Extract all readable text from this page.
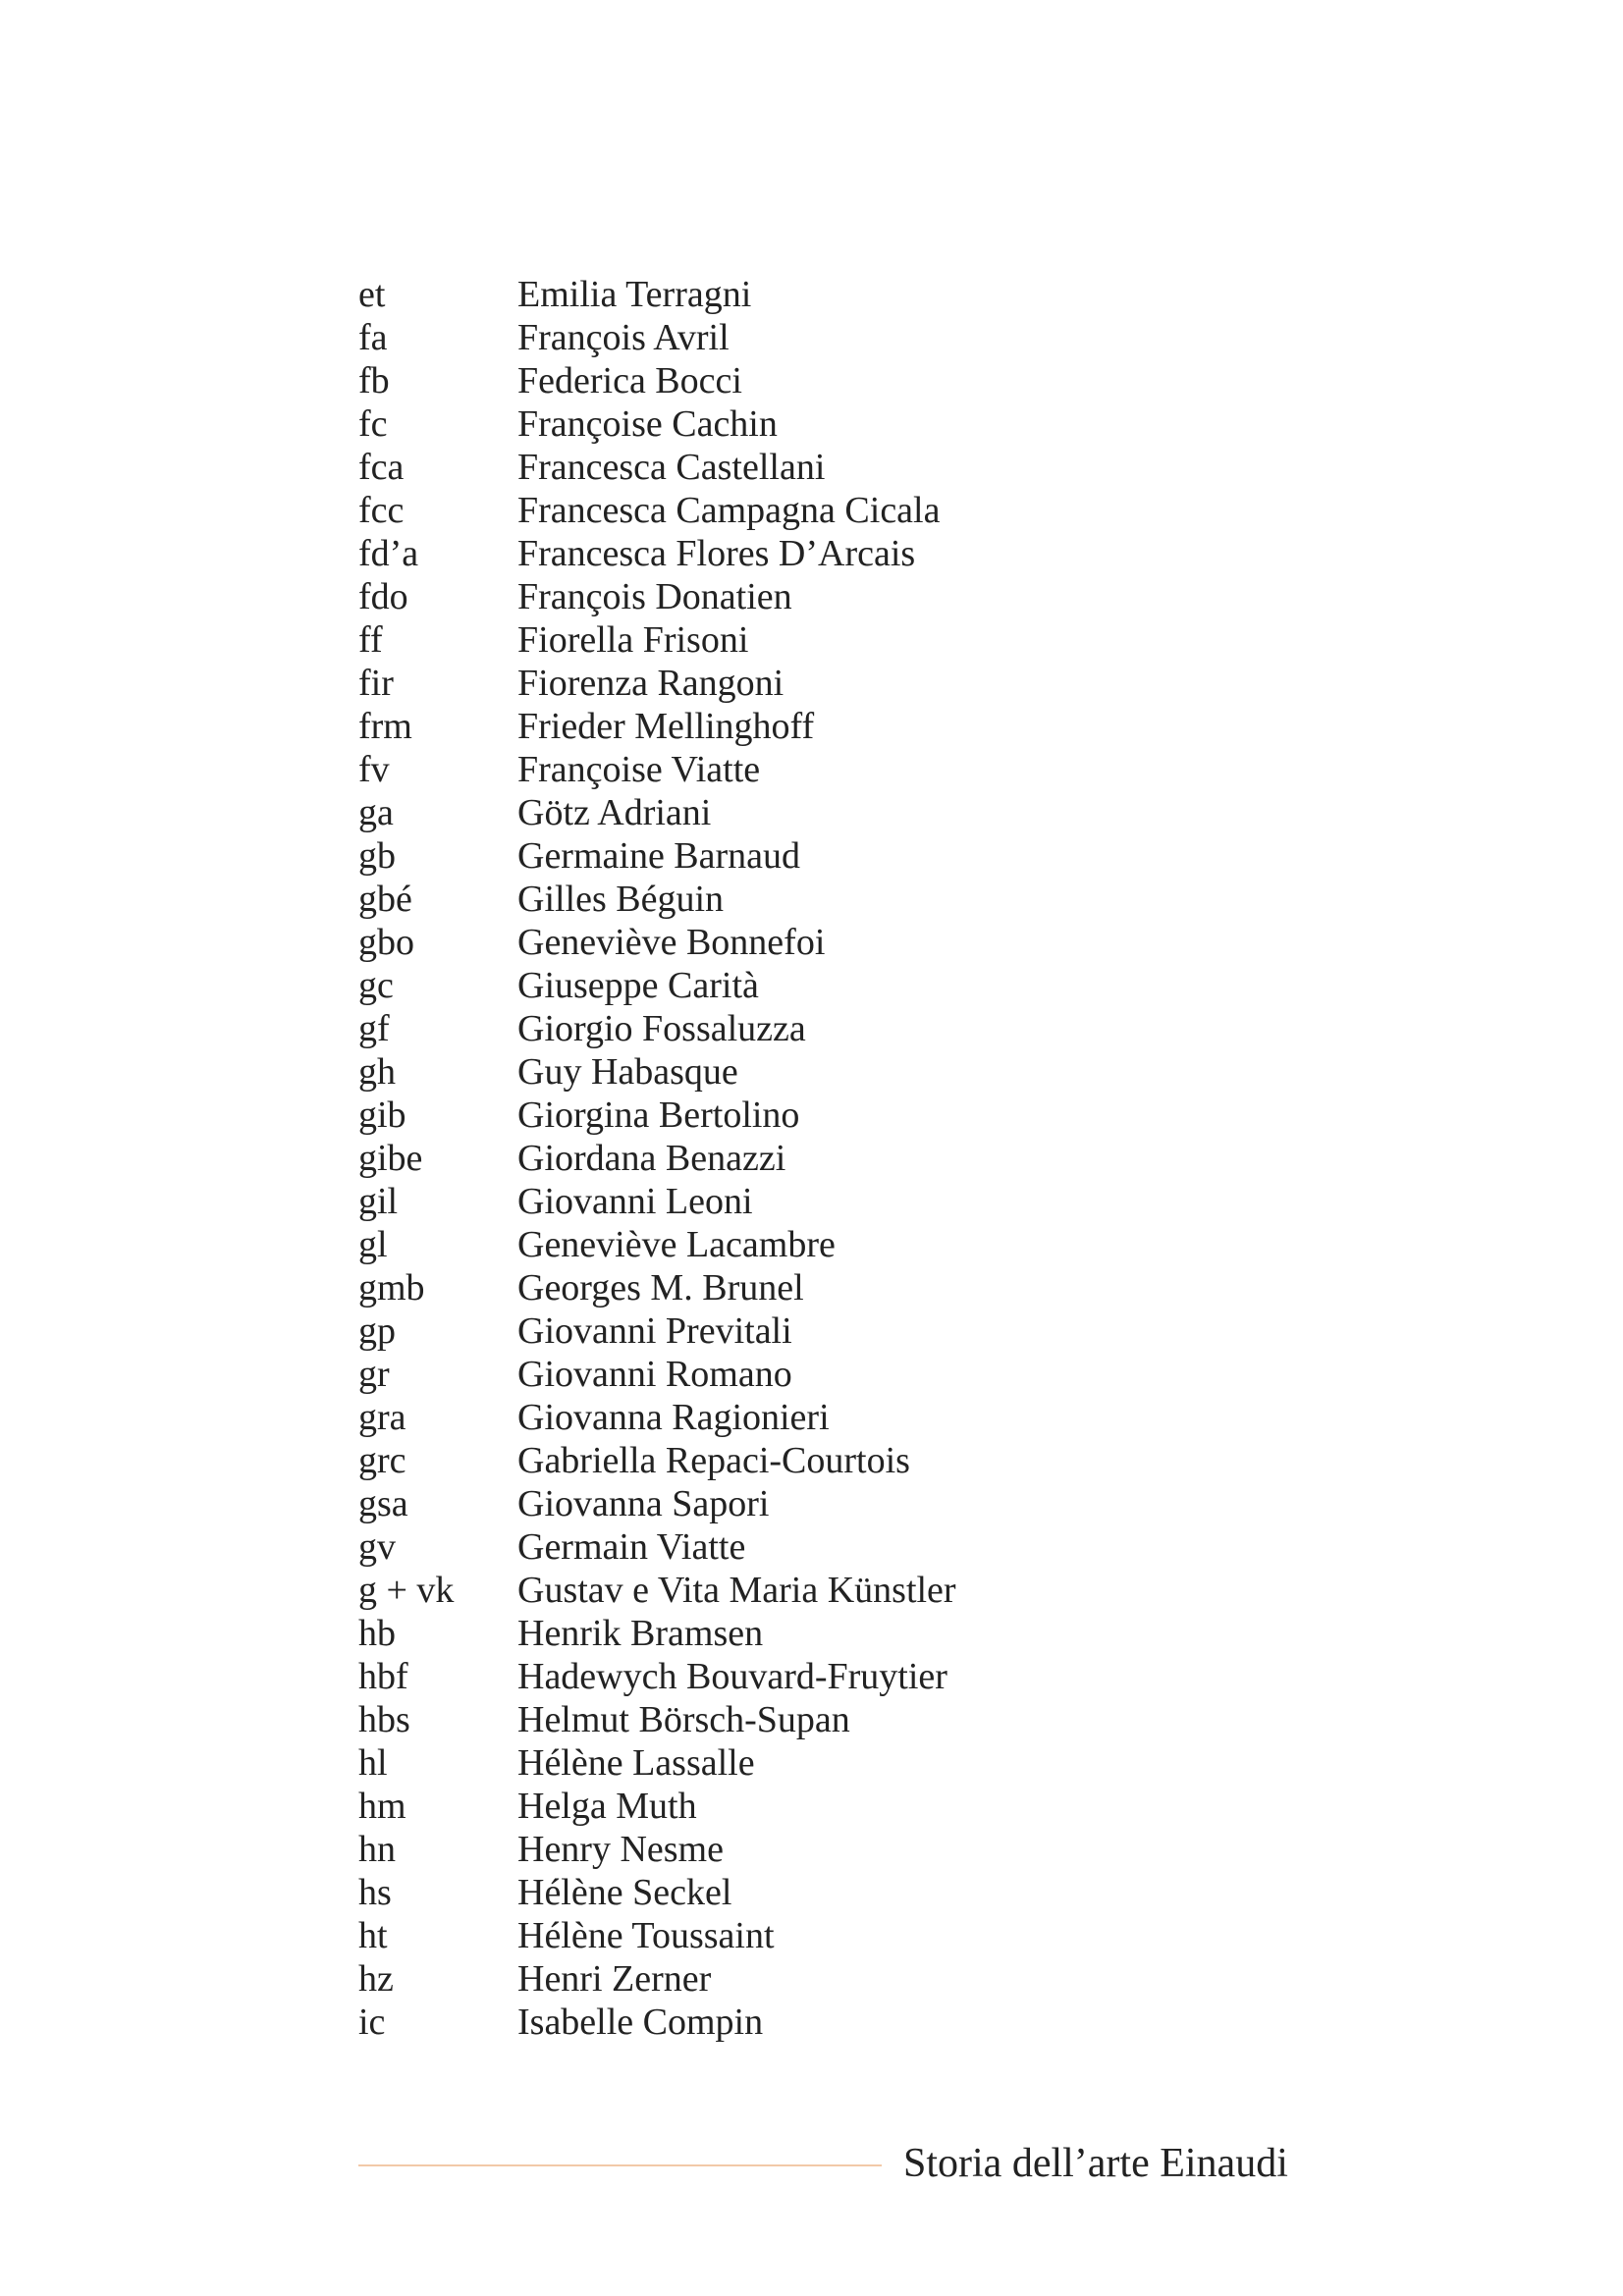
et	Emilia Terragni
fa	François Avril
fb	Federica Bocci
fc	Françoise Cachin
fca	Francesca Castellani
fcc	Francesca Campagna Cicala
fd’a	Francesca Flores D’Arcais
fdo	François Donatien
ff	Fiorella Frisoni
fir	Fiorenza Rangoni
frm	Frieder Mellinghoff
fv	Françoise Viatte
ga	Götz Adriani
gb	Germaine Barnaud
gbé	Gilles Béguin
gbo	Geneviève Bonnefoi
gc	Giuseppe Carità
gf	Giorgio Fossaluzza
gh	Guy Habasque
gib	Giorgina Bertolino
gibe	Giordana Benazzi
gil	Giovanni Leoni
gl	Geneviève Lacambre
gmb	Georges M. Brunel
gp	Giovanni Previtali
gr	Giovanni Romano
gra	Giovanna Ragionieri
grc	Gabriella Repaci-Courtois
gsa	Giovanna Sapori
gv	Germain Viatte
g + vk	Gustav e Vita Maria Künstler
hb	Henrik Bramsen
hbf	Hadewych Bouvard-Fruytier
hbs	Helmut Börsch-Supan
hl	Hélène Lassalle
hm	Helga Muth
hn	Henry Nesme
hs	Hélène Seckel
ht	Hélène Toussaint
hz	Henri Zerner
ic	Isabelle Compin
Storia dell’arte Einaudi
